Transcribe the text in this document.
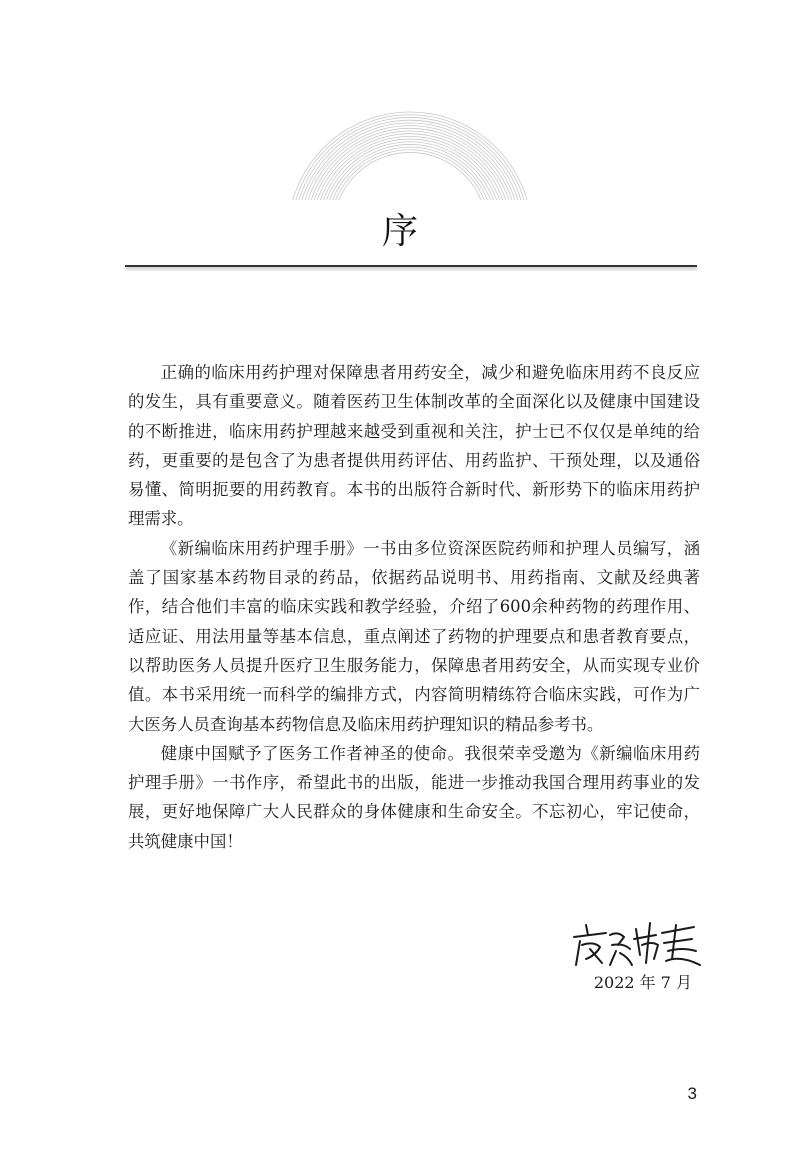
序

正确的临床用药护理对保障患者用药安全，减少和避免临床用药不良反应的发生，具有重要意义。随着医药卫生体制改革的全面深化以及健康中国建设的不断推进，临床用药护理越来越受到重视和关注，护士已不仅仅是单纯的给药，更重要的是包含了为患者提供用药评估、用药监护、干预处理，以及通俗易懂、简明扼要的用药教育。本书的出版符合新时代、新形势下的临床用药护理需求。

《新编临床用药护理手册》一书由多位资深医院药师和护理人员编写，涵盖了国家基本药物目录的药品，依据药品说明书、用药指南、文献及经典著作，结合他们丰富的临床实践和教学经验，介绍了600余种药物的药理作用、适应证、用法用量等基本信息，重点阐述了药物的护理要点和患者教育要点，以帮助医务人员提升医疗卫生服务能力，保障患者用药安全，从而实现专业价值。本书采用统一而科学的编排方式，内容简明精练符合临床实践，可作为广大医务人员查询基本药物信息及临床用药护理知识的精品参考书。

健康中国赋予了医务工作者神圣的使命。我很荣幸受邀为《新编临床用药护理手册》一书作序，希望此书的出版，能进一步推动我国合理用药事业的发展，更好地保障广大人民群众的身体健康和生命安全。不忘初心，牢记使命，共筑健康中国！

2022 年 7 月
3
